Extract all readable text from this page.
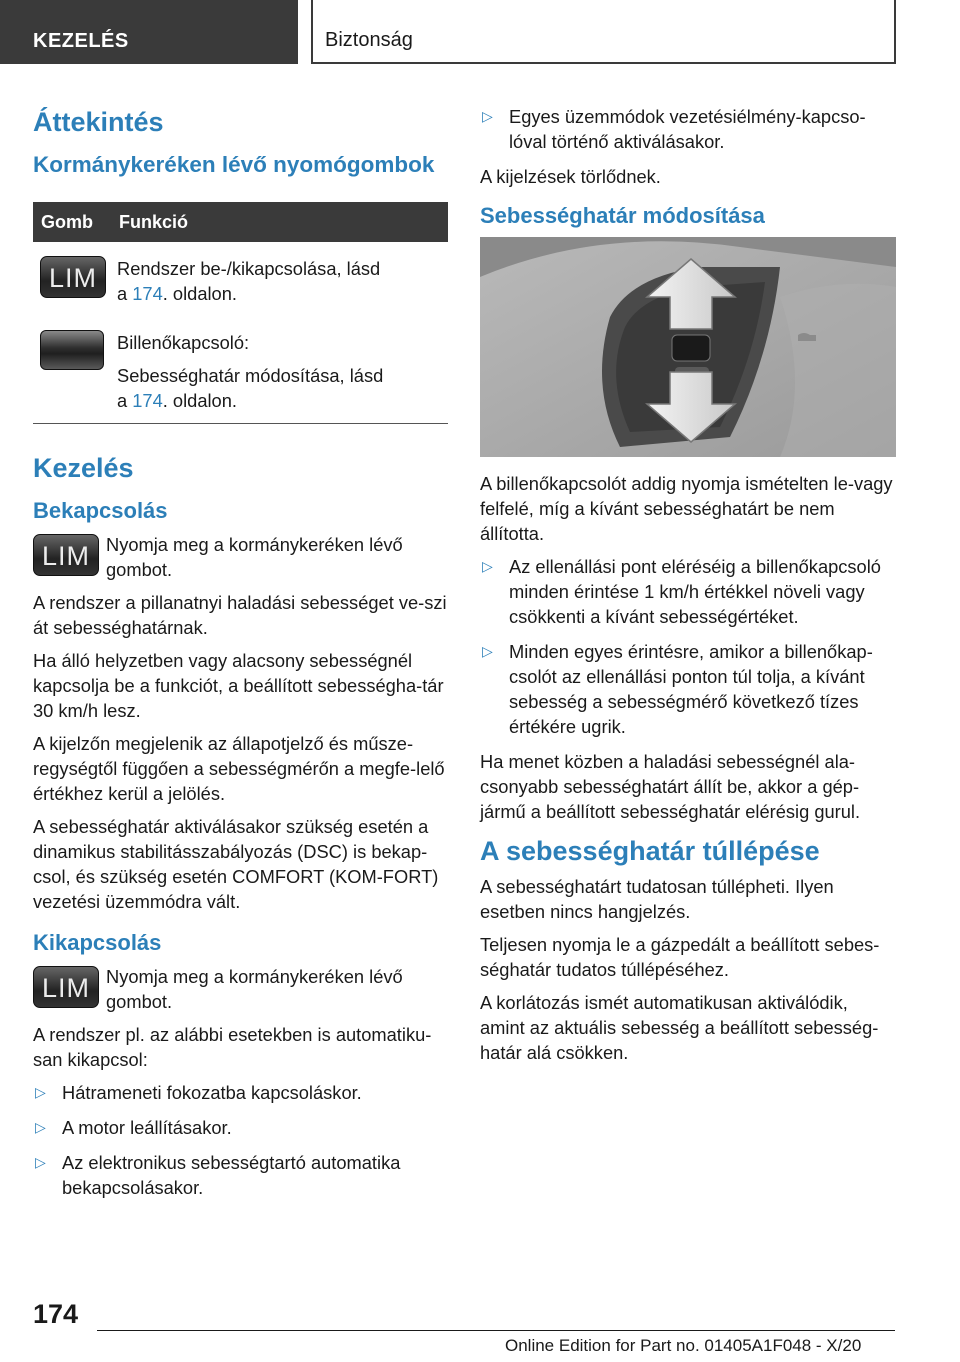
KEZELÉS	Biztonság
Áttekintés
Kormánykeréken lévő nyomógombok
Gomb	Funkció
LIM	Rendszer be-/kikapcsolása, lásd
a 174. oldalon.
	Billenőkapcsoló:

Sebességhatár módosítása, lásd
a 174. oldalon.
Kezelés
Bekapcsolás
LIM Nyomja meg a kormánykeréken lévő gombot.

A rendszer a pillanatnyi haladási sebességet ve-szi át sebességhatárnak.

Ha álló helyzetben vagy alacsony sebességnél kapcsolja be a funkciót, a beállított sebességha-tár 30 km/h lesz.

A kijelzőn megjelenik az állapotjelző és műsze-regységtől függően a sebességmérőn a megfe-lelő értékhez kerül a jelölés.

A sebességhatár aktiválásakor szükség esetén a dinamikus stabilitásszabályozás (DSC) is bekap-csol, és szükség esetén COMFORT (KOM-FORT) vezetési üzemmódra vált.

Kikapcsolás
LIM Nyomja meg a kormánykeréken lévő gombot.

A rendszer pl. az alábbi esetekben is automatiku-san kikapcsol:

▷ Hátrameneti fokozatba kapcsoláskor.
▷ A motor leállításakor.
▷ Az elektronikus sebességtartó automatika bekapcsolásakor.
▷ Egyes üzemmódok vezetésiélmény-kapcso-lóval történő aktiválásakor.

A kijelzések törlődnek.

Sebességhatár módosítása

A billenőkapcsolót addig nyomja ismételten le-vagy felfelé, míg a kívánt sebességhatárt be nem állította.

▷ Az ellenállási pont eléréséig a billenőkapcsoló minden érintése 1 km/h értékkel növeli vagy csökkenti a kívánt sebességértéket.
▷ Minden egyes érintésre, amikor a billenőkap-csolót az ellenállási ponton túl tolja, a kívánt sebesség a sebességmérő következő tízes értékére ugrik.

Ha menet közben a haladási sebességnél ala-csonyabb sebességhatárt állít be, akkor a gép-jármű a beállított sebességhatár elérésig gurul.

A sebességhatár túllépése

A sebességhatárt tudatosan túllépheti. Ilyen esetben nincs hangjelzés.

Teljesen nyomja le a gázpedált a beállított sebes-séghatár tudatos túllépéséhez.

A korlátozás ismét automatikusan aktiválódik, amint az aktuális sebesség a beállított sebesség-határ alá csökken.

174
Online Edition for Part no. 01405A1F048 - X/20
